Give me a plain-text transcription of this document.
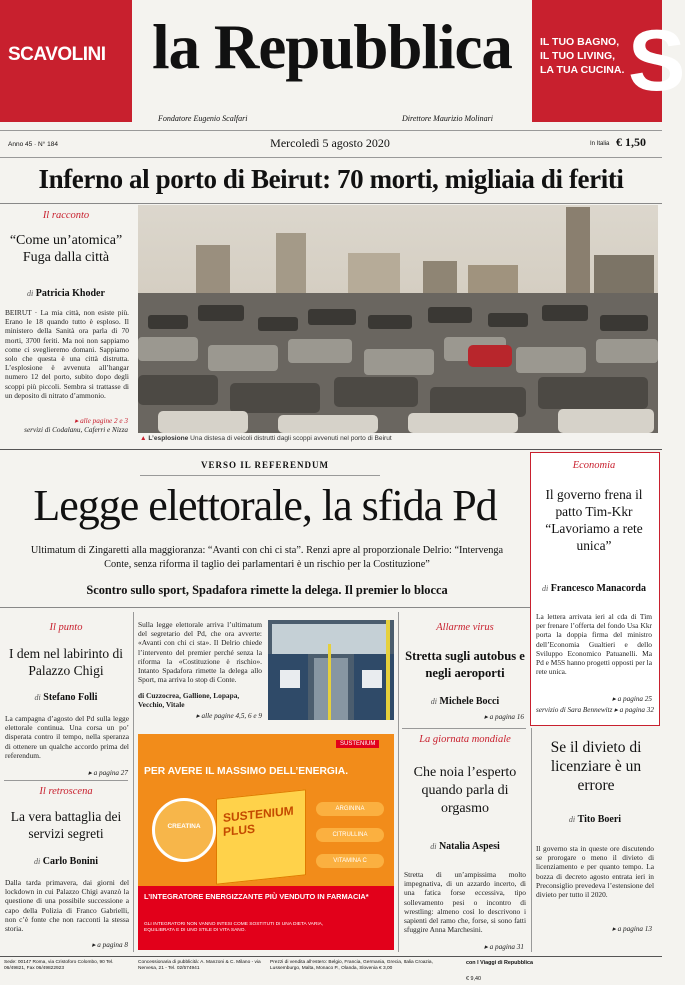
SCAVOLINI la Repubblica	IL TUO BAGNO,
IL TUO LIVING,
LA TUA CUCINA. S
Fondatore Eugenio Scalfari	Direttore Maurizio Molinari
Anno 45 · N° 184	Mercoledì 5 agosto 2020	In Italia € 1,50
Inferno al porto di Beirut: 70 morti, migliaia di feriti
Il racconto
“Come un’atomica” Fuga dalla città
di Patricia Khoder
BEIRUT · La mia città, non esiste più. Erano le 18 quando tutto è esploso. Il ministero della Sanità ora parla di 70 morti, 3700 feriti. Ma noi non sappiamo come ci sveglieremo domani. Sappiamo solo che questa è una città distrutta. L’esplosione è avvenuta all’hangar numero 12 del porto, subito dopo degli scoppi più piccoli. Sembra si trattasse di un deposito di nitrato d’ammonio.
▸ alle pagine 2 e 3
servizi di Codalanu, Caferri e Nizza
▲ L’esplosione Una distesa di veicoli distrutti dagli scoppi avvenuti nel porto di Beirut
VERSO IL REFERENDUM
Legge elettorale, la sfida Pd
Ultimatum di Zingaretti alla maggioranza: “Avanti con chi ci sta”. Renzi apre al proporzionale Delrio: “Intervenga Conte, senza riforma il taglio dei parlamentari è un rischio per la Costituzione”
Scontro sullo sport, Spadafora rimette la delega. Il premier lo blocca
Economia
Il governo frena il patto Tim-Kkr “Lavoriamo a rete unica”
di Francesco Manacorda
La lettera arrivata ieri al cda di Tim per frenare l’offerta del fondo Usa Kkr porta la doppia firma del ministro dell’Economia Gualtieri e dello Sviluppo Economico Patuanelli. Ma Pd e M5S hanno progetti opposti per la rete unica.
▸ a pagina 25
servizio di Sara Bennewitz ▸ a pagina 32
Il punto
I dem nel labirinto di Palazzo Chigi
di Stefano Folli
La campagna d’agosto del Pd sulla legge elettorale continua. Una corsa un po’ disperata contro il tempo, nella speranza di ottenere un qualche accordo prima del referendum.
▸ a pagina 27
Il retroscena
La vera battaglia dei servizi segreti
di Carlo Bonini
Dalla tarda primavera, dai giorni del lockdown in cui Palazzo Chigi avanzò la questione di una possibile successione a capo della Polizia di Franco Gabrielli, non c’è fonte che non racconti la stessa storia.
▸ a pagina 8
Sulla legge elettorale arriva l’ultimatum del segretario del Pd, che ora avverte: «Avanti con chi ci sta». Il Delrio chiede l’intervento del premier perché senza la riforma la «Costituzione è rischio». Intanto Spadafora rimette la delega allo Sport, ma arriva lo stop di Conte.
di Cuzzocrea, Gallione, Lopapa, Vecchio, Vitale
▸ alle pagine 4,5, 6 e 9
SUSTENIUM
PER AVERE IL MASSIMO DELL’ENERGIA.
CREATINA
SUSTENIUM PLUS
ARGININA
CITRULLINA
VITAMINA C
L’INTEGRATORE ENERGIZZANTE PIÙ VENDUTO IN FARMACIA*
GLI INTEGRATORI NON VANNO INTESI COME SOSTITUTI DI UNA DIETA VARIA, EQUILIBRATA E DI UNO STILE DI VITA SANO.
Allarme virus
Stretta sugli autobus e negli aeroporti
di Michele Bocci
▸ a pagina 16
La giornata mondiale
Che noia l’esperto quando parla di orgasmo
di Natalia Aspesi
Stretta di un’ampissima molto impegnativa, di un azzardo incerto, di una fatica forse eccessiva, tipo sollevamento pesi o incontro di wrestling: almeno così lo descrivono i sapienti del ramo che, forse, si sono fatti sfuggire Anna Marchesini.
▸ a pagina 31
Se il divieto di licenziare è un errore
di Tito Boeri
Il governo sta in queste ore discutendo se prorogare o meno il divieto di licenziamento e per quanto tempo. La bozza di decreto agosto entrata ieri in Preconsiglio prevedeva l’estensione del divieto per tutto il 2020.
▸ a pagina 13
Sede: 00147 Roma, via Cristoforo Colombo, 90 Tel. 06/49821, Fax 06/49822923
Concessionaria di pubblicità: A. Manzoni & C. Milano - via Nervesa, 21 - Tel. 02/574941
Prezzi di vendita all’estero: Belgio, Francia, Germania, Grecia, Italia Croazia, Lussemburgo, Malta, Monaco P., Olanda, Slovenia € 3,00
con I Viaggi di Repubblica
€ 9,40
